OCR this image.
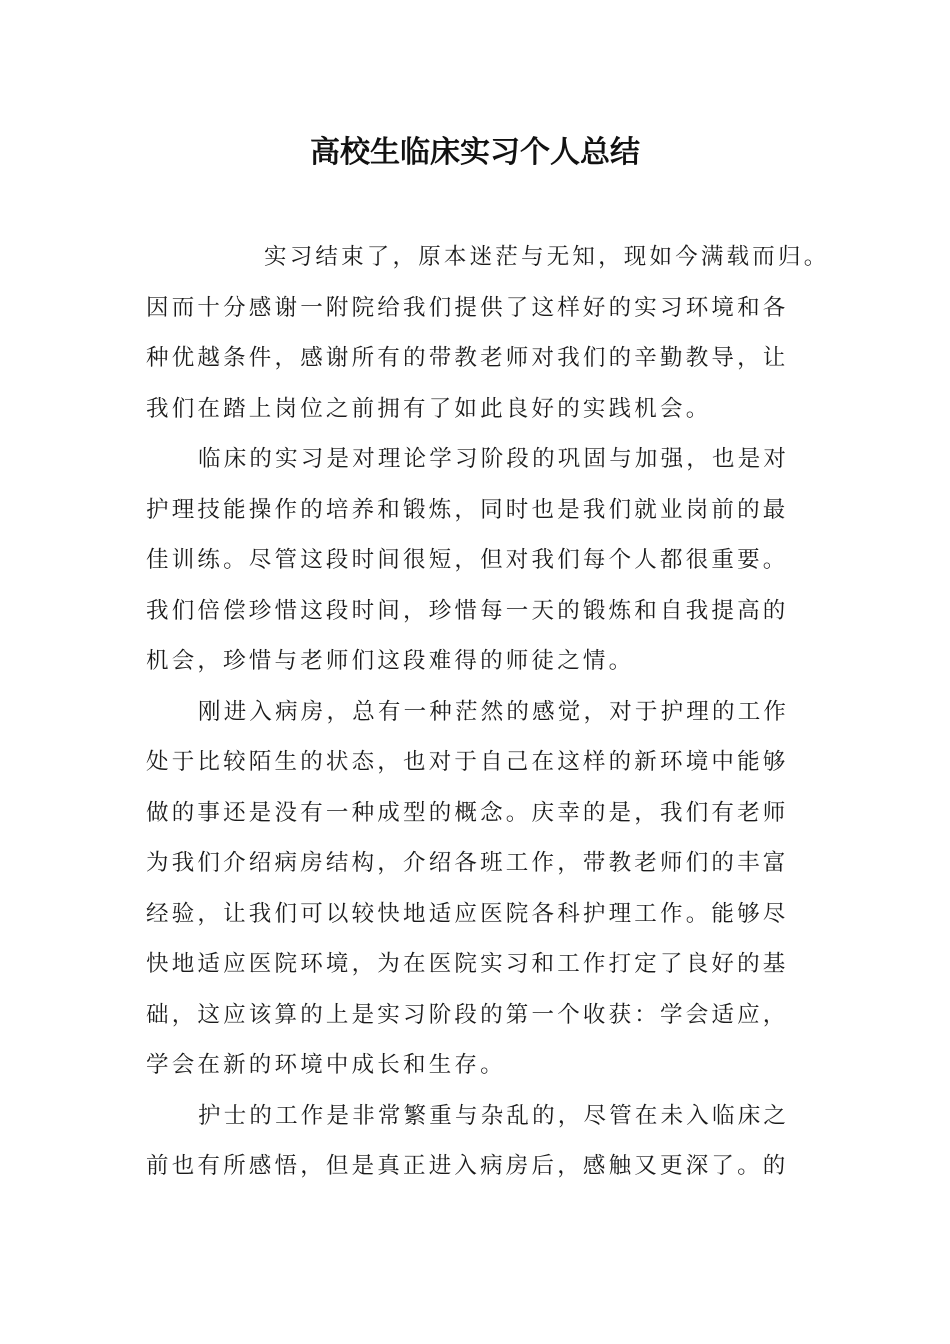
高校生临床实习个人总结

实习结束了，原本迷茫与无知，现如今满载而归。
因而十分感谢一附院给我们提供了这样好的实习环境和各
种优越条件，感谢所有的带教老师对我们的辛勤教导，让
我们在踏上岗位之前拥有了如此良好的实践机会。

临床的实习是对理论学习阶段的巩固与加强，也是对
护理技能操作的培养和锻炼，同时也是我们就业岗前的最
佳训练。尽管这段时间很短，但对我们每个人都很重要。
我们倍偿珍惜这段时间，珍惜每一天的锻炼和自我提高的
机会，珍惜与老师们这段难得的师徒之情。

刚进入病房，总有一种茫然的感觉，对于护理的工作
处于比较陌生的状态，也对于自己在这样的新环境中能够
做的事还是没有一种成型的概念。庆幸的是，我们有老师
为我们介绍病房结构，介绍各班工作，带教老师们的丰富
经验，让我们可以较快地适应医院各科护理工作。能够尽
快地适应医院环境，为在医院实习和工作打定了良好的基
础，这应该算的上是实习阶段的第一个收获：学会适应，
学会在新的环境中成长和生存。

护士的工作是非常繁重与杂乱的，尽管在未入临床之
前也有所感悟，但是真正进入病房后，感触又更深了。的
